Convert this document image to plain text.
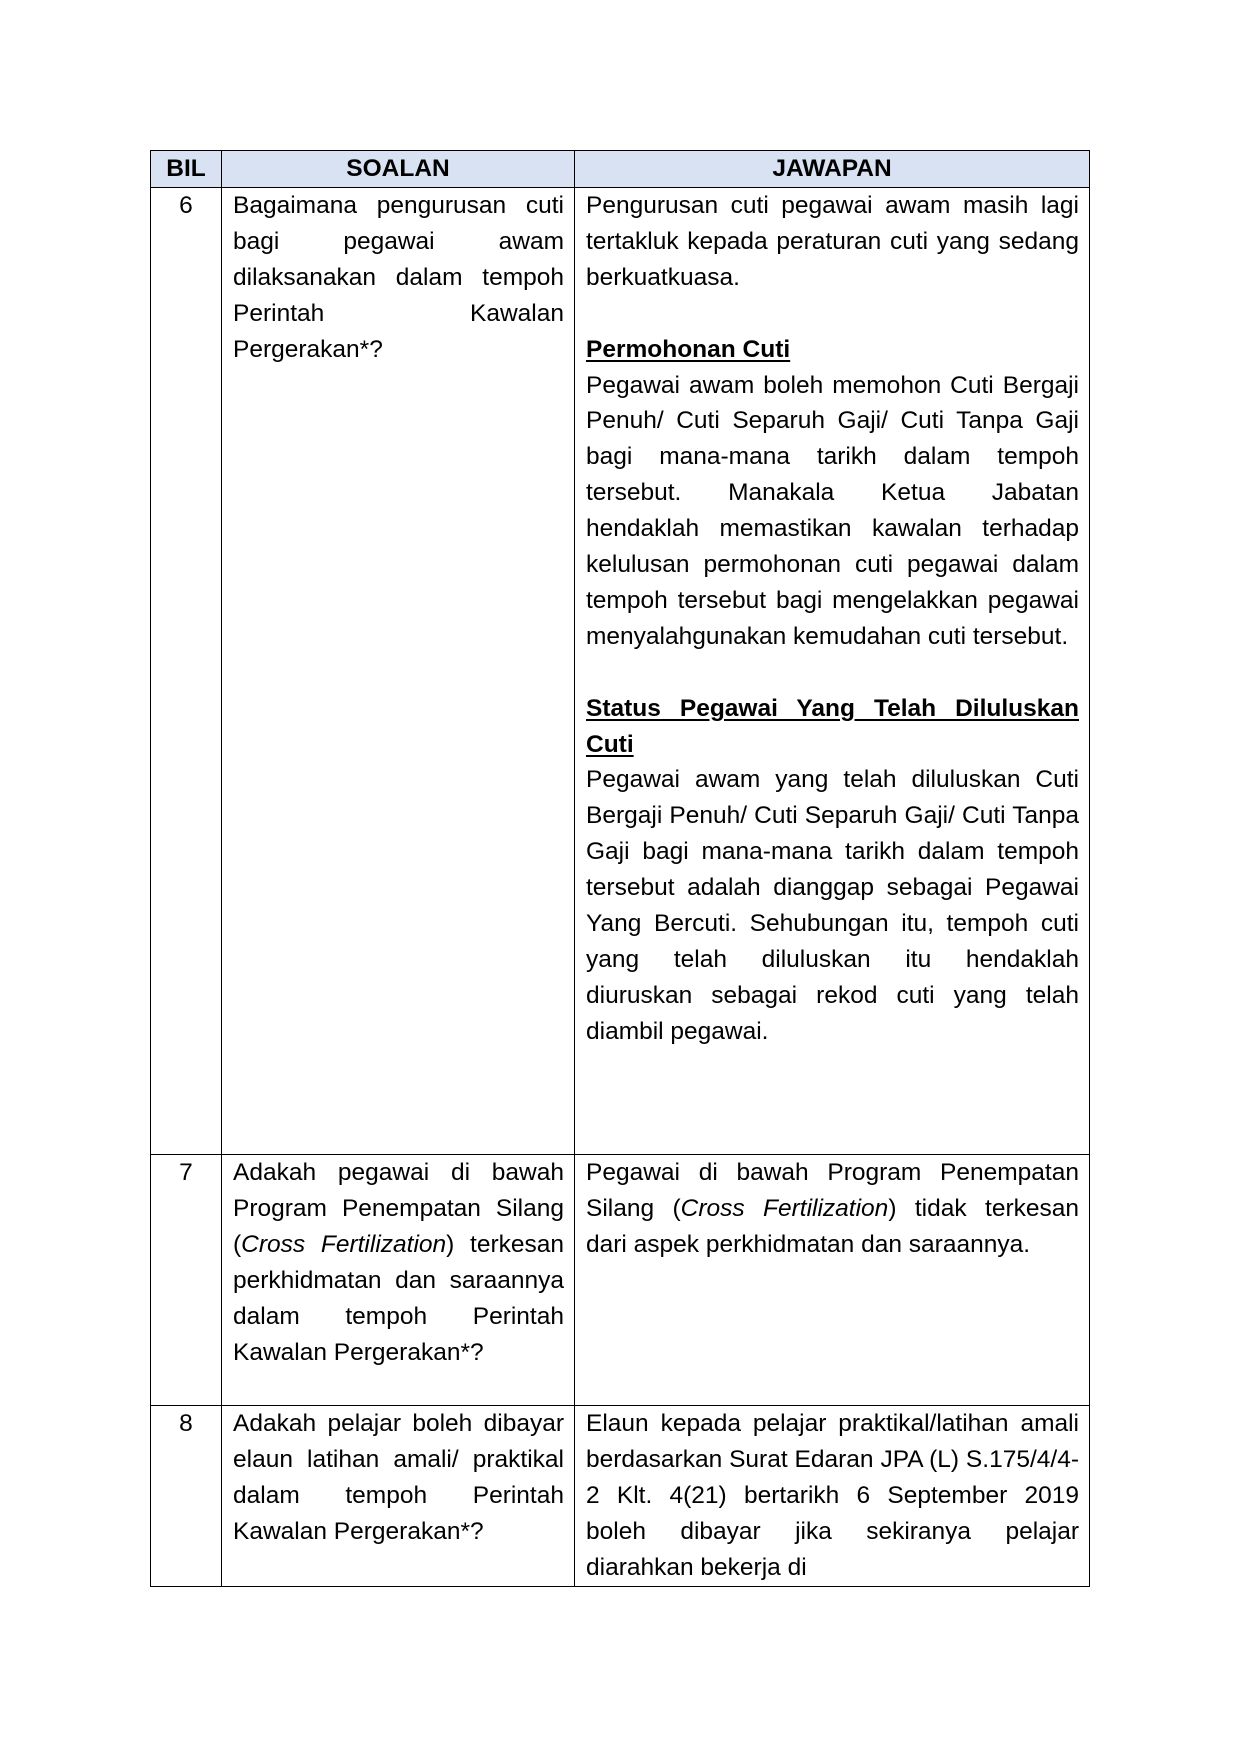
BIL	SOALAN	JAWAPAN
6	Bagaimana pengurusan cuti bagi pegawai awam dilaksanakan dalam tempoh Perintah Kawalan Pergerakan*?	Pengurusan cuti pegawai awam masih lagi tertakluk kepada peraturan cuti yang sedang berkuatkuasa.

Permohonan Cuti

Pegawai awam boleh memohon Cuti Bergaji Penuh/ Cuti Separuh Gaji/ Cuti Tanpa Gaji bagi mana-mana tarikh dalam tempoh tersebut. Manakala Ketua Jabatan hendaklah memastikan kawalan terhadap kelulusan permohonan cuti pegawai dalam tempoh tersebut bagi mengelakkan pegawai menyalahgunakan kemudahan cuti tersebut.

Status Pegawai Yang Telah Diluluskan Cuti

Pegawai awam yang telah diluluskan Cuti Bergaji Penuh/ Cuti Separuh Gaji/ Cuti Tanpa Gaji bagi mana-mana tarikh dalam tempoh tersebut adalah dianggap sebagai Pegawai Yang Bercuti. Sehubungan itu, tempoh cuti yang telah diluluskan itu hendaklah diuruskan sebagai rekod cuti yang telah diambil pegawai.

7	Adakah pegawai di bawah Program Penempatan Silang (Cross Fertilization) terkesan perkhidmatan dan saraannya dalam tempoh Perintah Kawalan Pergerakan*?	Pegawai di bawah Program Penempatan Silang (Cross Fertilization) tidak terkesan dari aspek perkhidmatan dan saraannya.

8	Adakah pelajar boleh dibayar elaun latihan amali/ praktikal dalam tempoh Perintah Kawalan Pergerakan*?	Elaun kepada pelajar praktikal/latihan amali berdasarkan Surat Edaran JPA (L) S.175/4/4-2 Klt. 4(21) bertarikh 6 September 2019 boleh dibayar jika sekiranya pelajar diarahkan bekerja di
